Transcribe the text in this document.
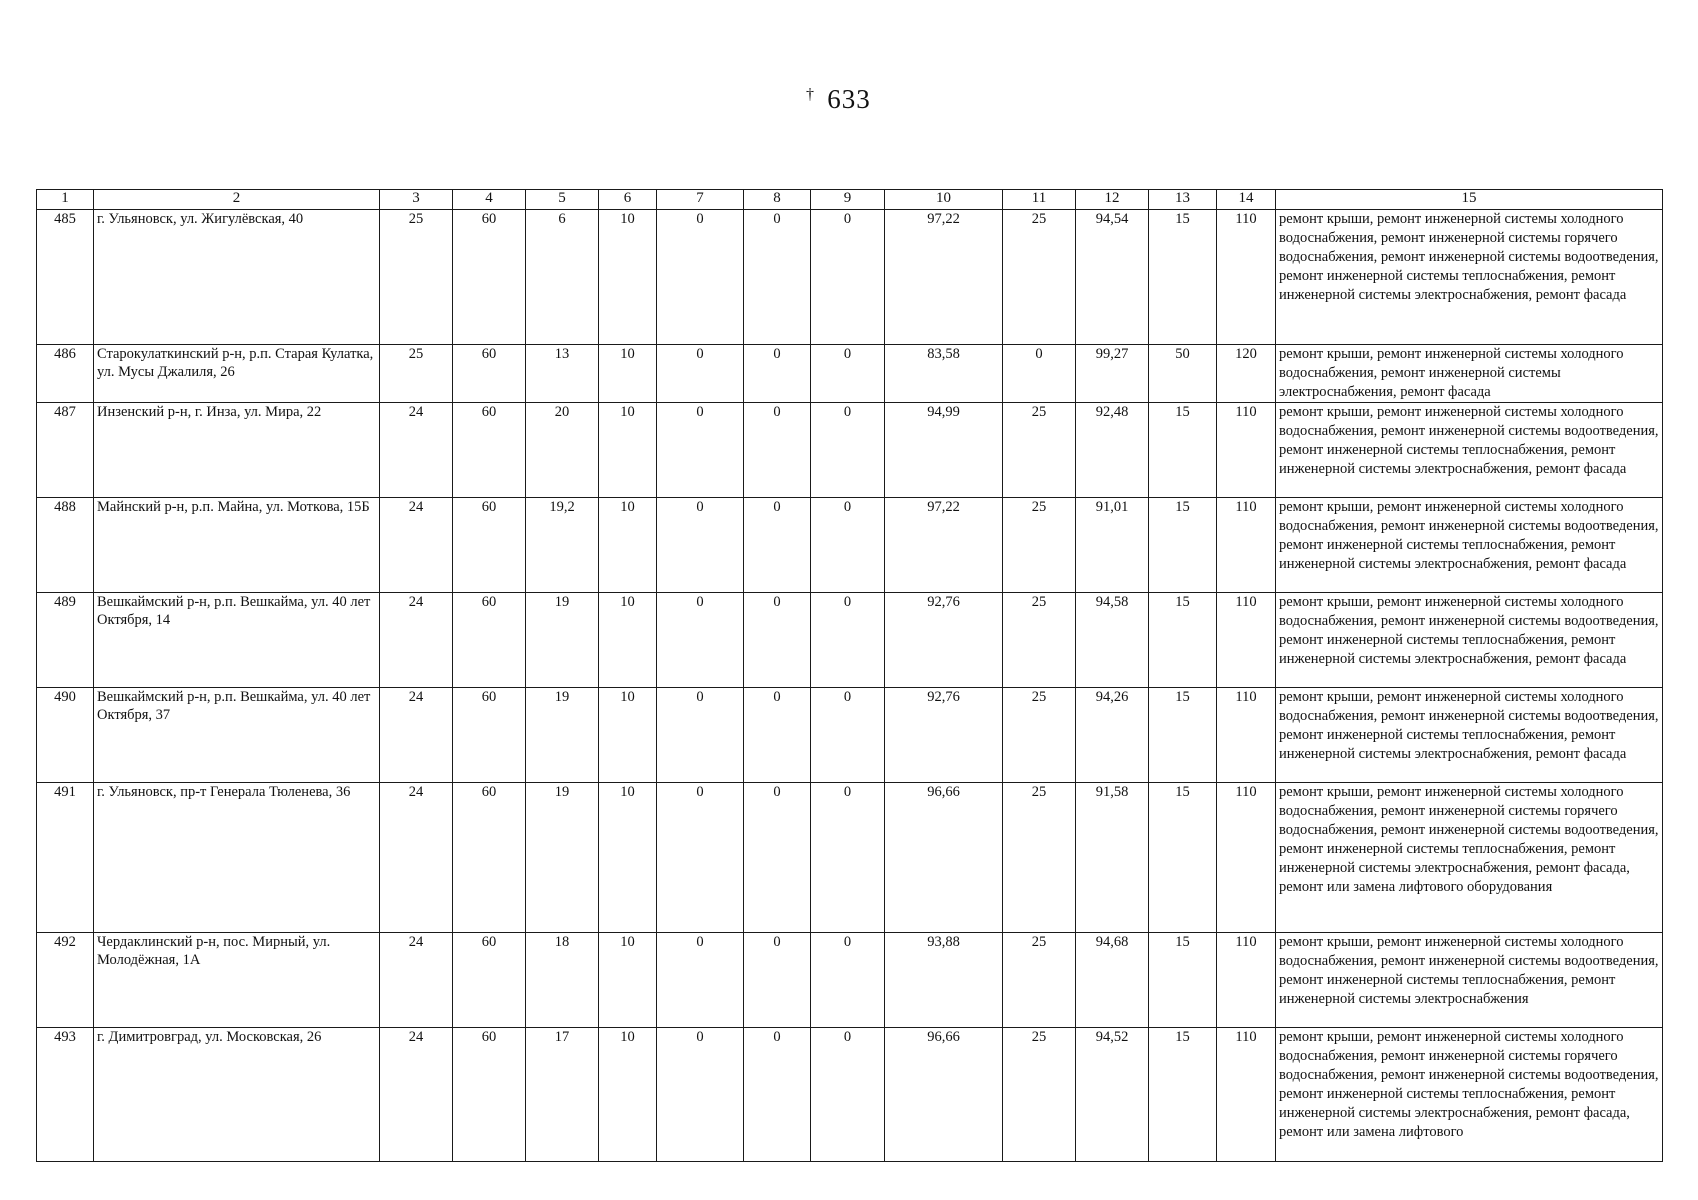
† 633
1	2	3	4	5	6	7	8	9	10	11	12	13	14	15
485	г. Ульяновск, ул. Жигулёвская, 40	25	60	6	10	0	0	0	97,22	25	94,54	15	110	ремонт крыши, ремонт инженерной системы холодного водоснабжения, ремонт инженерной системы горячего водоснабжения, ремонт инженерной системы водоотведения, ремонт инженерной системы теплоснабжения, ремонт инженерной системы электроснабжения, ремонт фасада
486	Старокулаткинский р-н, р.п. Старая Кулатка, ул. Мусы Джалиля, 26	25	60	13	10	0	0	0	83,58	0	99,27	50	120	ремонт крыши, ремонт инженерной системы холодного водоснабжения, ремонт инженерной системы электроснабжения, ремонт фасада
487	Инзенский р-н, г. Инза, ул. Мира, 22	24	60	20	10	0	0	0	94,99	25	92,48	15	110	ремонт крыши, ремонт инженерной системы холодного водоснабжения, ремонт инженерной системы водоотведения, ремонт инженерной системы теплоснабжения, ремонт инженерной системы электроснабжения, ремонт фасада
488	Майнский р-н, р.п. Майна, ул. Моткова, 15Б	24	60	19,2	10	0	0	0	97,22	25	91,01	15	110	ремонт крыши, ремонт инженерной системы холодного водоснабжения, ремонт инженерной системы водоотведения, ремонт инженерной системы теплоснабжения, ремонт инженерной системы электроснабжения, ремонт фасада
489	Вешкаймский р-н, р.п. Вешкайма, ул. 40 лет Октября, 14	24	60	19	10	0	0	0	92,76	25	94,58	15	110	ремонт крыши, ремонт инженерной системы холодного водоснабжения, ремонт инженерной системы водоотведения, ремонт инженерной системы теплоснабжения, ремонт инженерной системы электроснабжения, ремонт фасада
490	Вешкаймский р-н, р.п. Вешкайма, ул. 40 лет Октября, 37	24	60	19	10	0	0	0	92,76	25	94,26	15	110	ремонт крыши, ремонт инженерной системы холодного водоснабжения, ремонт инженерной системы водоотведения, ремонт инженерной системы теплоснабжения, ремонт инженерной системы электроснабжения, ремонт фасада
491	г. Ульяновск, пр-т Генерала Тюленева, 36	24	60	19	10	0	0	0	96,66	25	91,58	15	110	ремонт крыши, ремонт инженерной системы холодного водоснабжения, ремонт инженерной системы горячего водоснабжения, ремонт инженерной системы водоотведения, ремонт инженерной системы теплоснабжения, ремонт инженерной системы электроснабжения, ремонт фасада, ремонт или замена лифтового оборудования
492	Чердаклинский р-н, пос. Мирный, ул. Молодёжная, 1А	24	60	18	10	0	0	0	93,88	25	94,68	15	110	ремонт крыши, ремонт инженерной системы холодного водоснабжения, ремонт инженерной системы водоотведения, ремонт инженерной системы теплоснабжения, ремонт инженерной системы электроснабжения
493	г. Димитровград, ул. Московская, 26	24	60	17	10	0	0	0	96,66	25	94,52	15	110	ремонт крыши, ремонт инженерной системы холодного водоснабжения, ремонт инженерной системы горячего водоснабжения, ремонт инженерной системы водоотведения, ремонт инженерной системы теплоснабжения, ремонт инженерной системы электроснабжения, ремонт фасада, ремонт или замена лифтового
